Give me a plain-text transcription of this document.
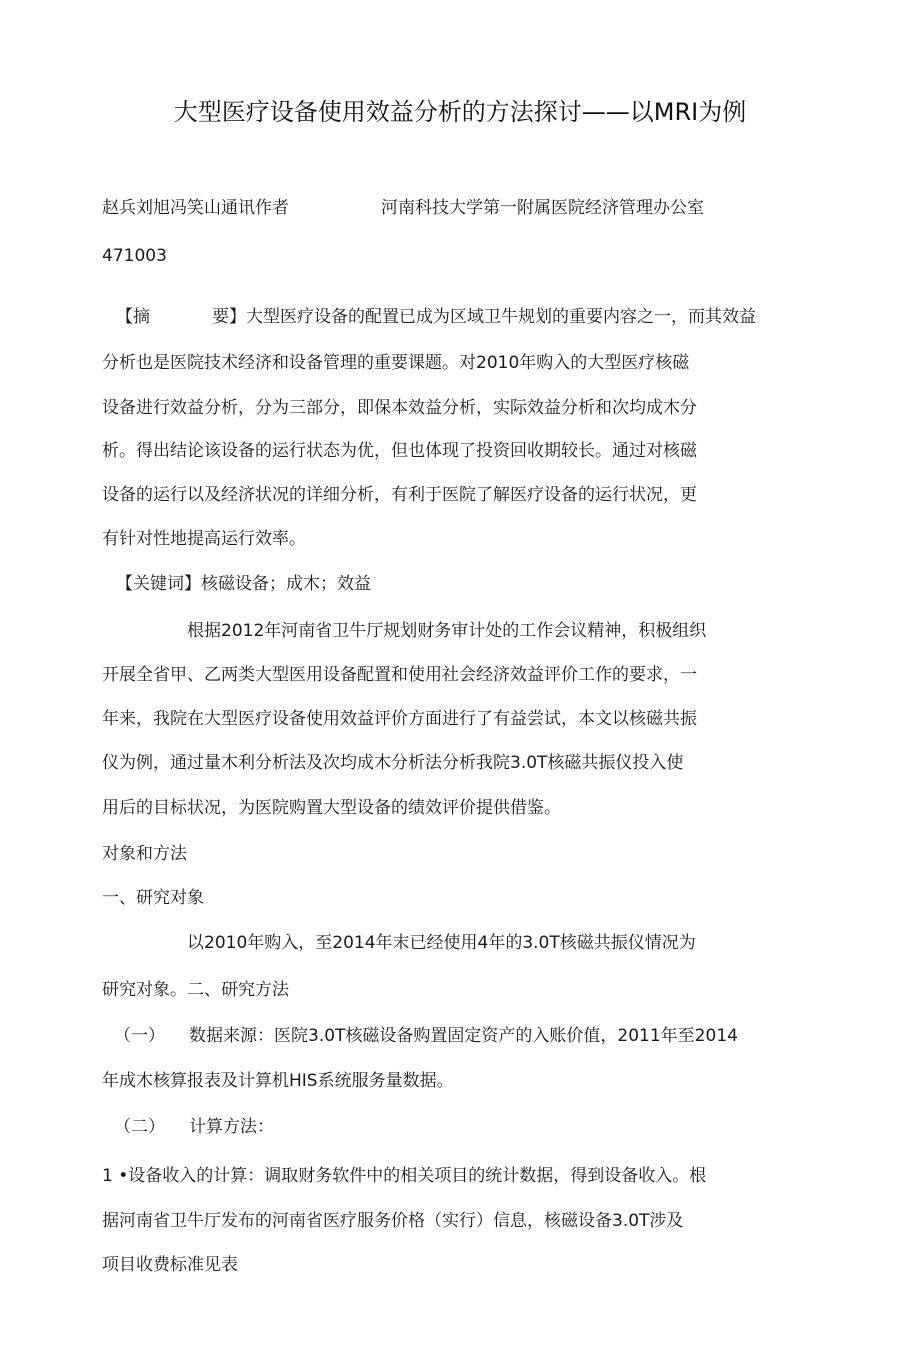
大型医疗设备使用效益分析的方法探讨——以MRI为例
赵兵刘旭冯笑山通讯作者	河南科技大学第一附属医院经济管理办公室
471003
【摘	要】大型医疗设备的配置已成为区域卫牛规划的重要内容之一，而其效益
分析也是医院技术经济和设备管理的重要课题。对2010年购入的大型医疗核磁
设备进行效益分析，分为三部分，即保本效益分析，实际效益分析和次均成木分
析。得出结论该设备的运行状态为优，但也体现了投资回收期较长。通过对核磁
设备的运行以及经济状况的详细分析，有利于医院了解医疗设备的运行状况，更
有针对性地提高运行效率。
【关键词】核磁设备；成木；效益
根据2012年河南省卫牛厅规划财务审计处的工作会议精神，积极组织
开展全省甲、乙两类大型医用设备配置和使用社会经济效益评价工作的要求，一
年来，我院在大型医疗设备使用效益评价方面进行了有益尝试，本文以核磁共振
仪为例，通过量木利分析法及次均成木分析法分析我院3.0T核磁共振仪投入使
用后的目标状况，为医院购置大型设备的绩效评价提供借鉴。
对象和方法
一、研究对象
以2010年购入，至2014年末已经使用4年的3.0T核磁共振仪情况为
研究对象。二、研究方法
（一） 数据来源：医院3.0T核磁设备购置固定资产的入账价值，2011年至2014
年成木核算报表及计算机HIS系统服务量数据。
（二） 计算方法：
1 •设备收入的计算：调取财务软件中的相关项目的统计数据，得到设备收入。根
据河南省卫牛厅发布的河南省医疗服务价格（实行）信息，核磁设备3.0T涉及
项目收费标准见表
